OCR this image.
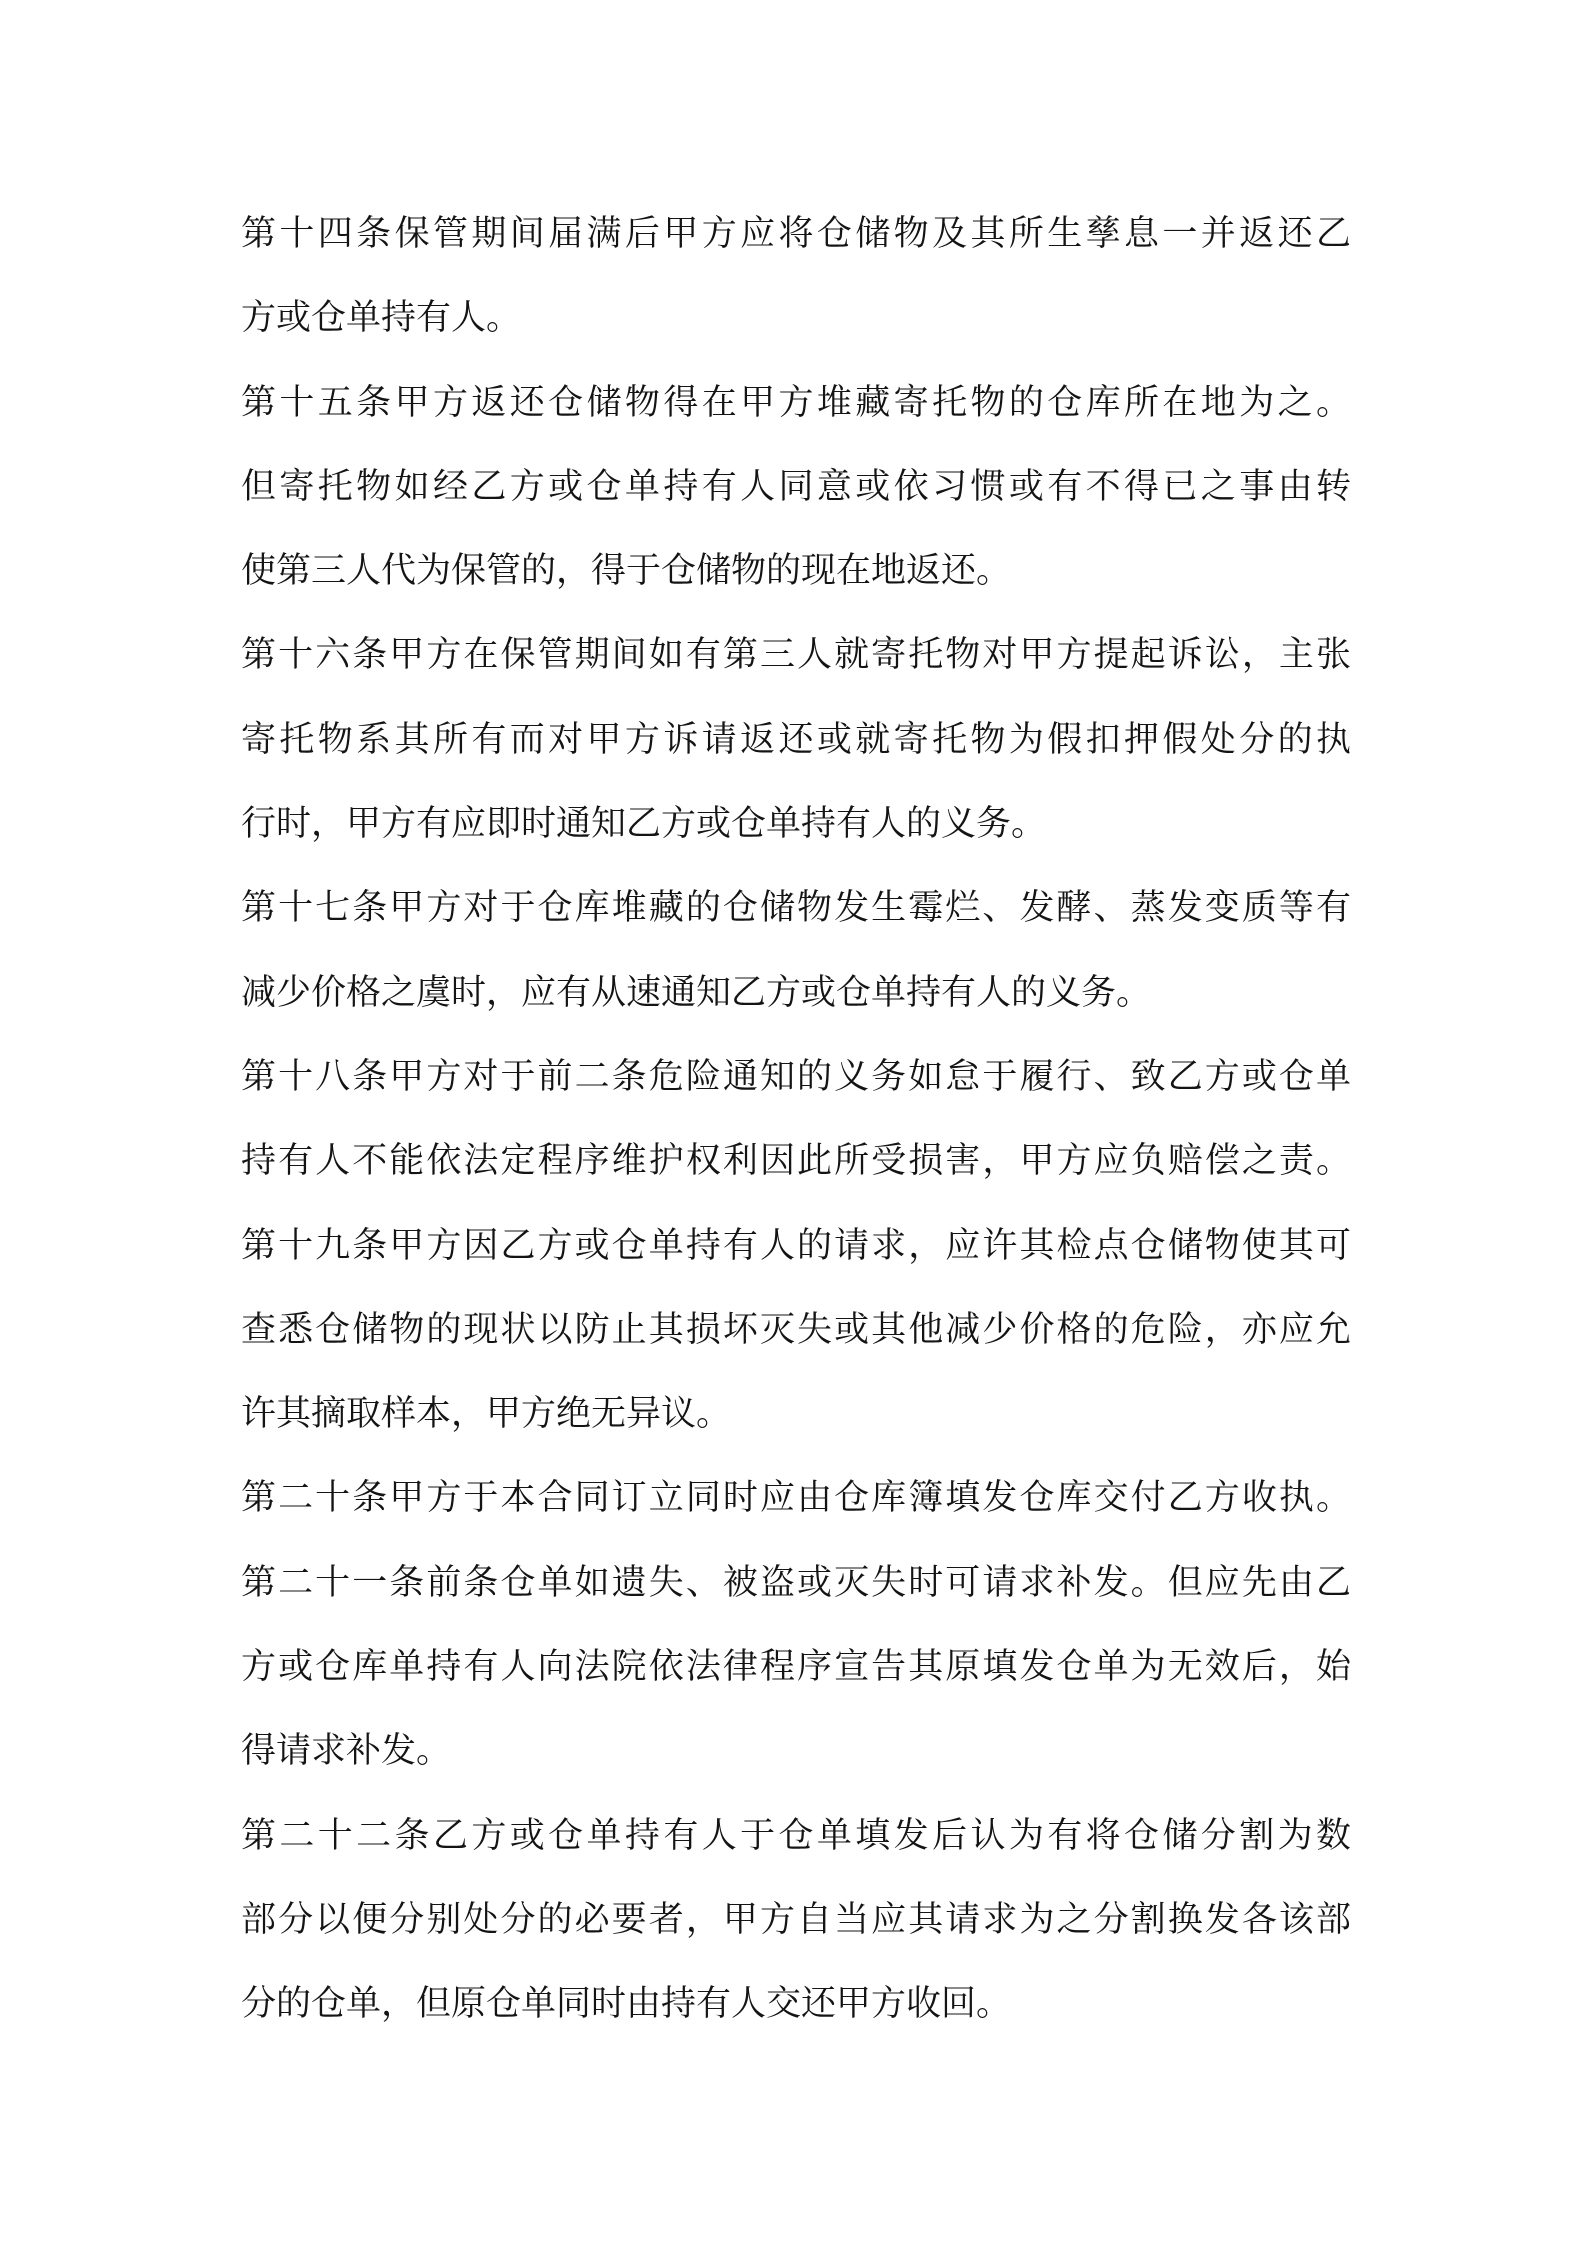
第十四条保管期间届满后甲方应将仓储物及其所生孳息一并返还乙
方或仓单持有人。
第十五条甲方返还仓储物得在甲方堆藏寄托物的仓库所在地为之。
但寄托物如经乙方或仓单持有人同意或依习惯或有不得已之事由转
使第三人代为保管的，得于仓储物的现在地返还。
第十六条甲方在保管期间如有第三人就寄托物对甲方提起诉讼，主张
寄托物系其所有而对甲方诉请返还或就寄托物为假扣押假处分的执
行时，甲方有应即时通知乙方或仓单持有人的义务。
第十七条甲方对于仓库堆藏的仓储物发生霉烂、发酵、蒸发变质等有
减少价格之虞时，应有从速通知乙方或仓单持有人的义务。
第十八条甲方对于前二条危险通知的义务如怠于履行、致乙方或仓单
持有人不能依法定程序维护权利因此所受损害，甲方应负赔偿之责。
第十九条甲方因乙方或仓单持有人的请求，应许其检点仓储物使其可
查悉仓储物的现状以防止其损坏灭失或其他减少价格的危险，亦应允
许其摘取样本，甲方绝无异议。
第二十条甲方于本合同订立同时应由仓库簿填发仓库交付乙方收执。
第二十一条前条仓单如遗失、被盗或灭失时可请求补发。但应先由乙
方或仓库单持有人向法院依法律程序宣告其原填发仓单为无效后，始
得请求补发。
第二十二条乙方或仓单持有人于仓单填发后认为有将仓储分割为数
部分以便分别处分的必要者，甲方自当应其请求为之分割换发各该部
分的仓单，但原仓单同时由持有人交还甲方收回。
